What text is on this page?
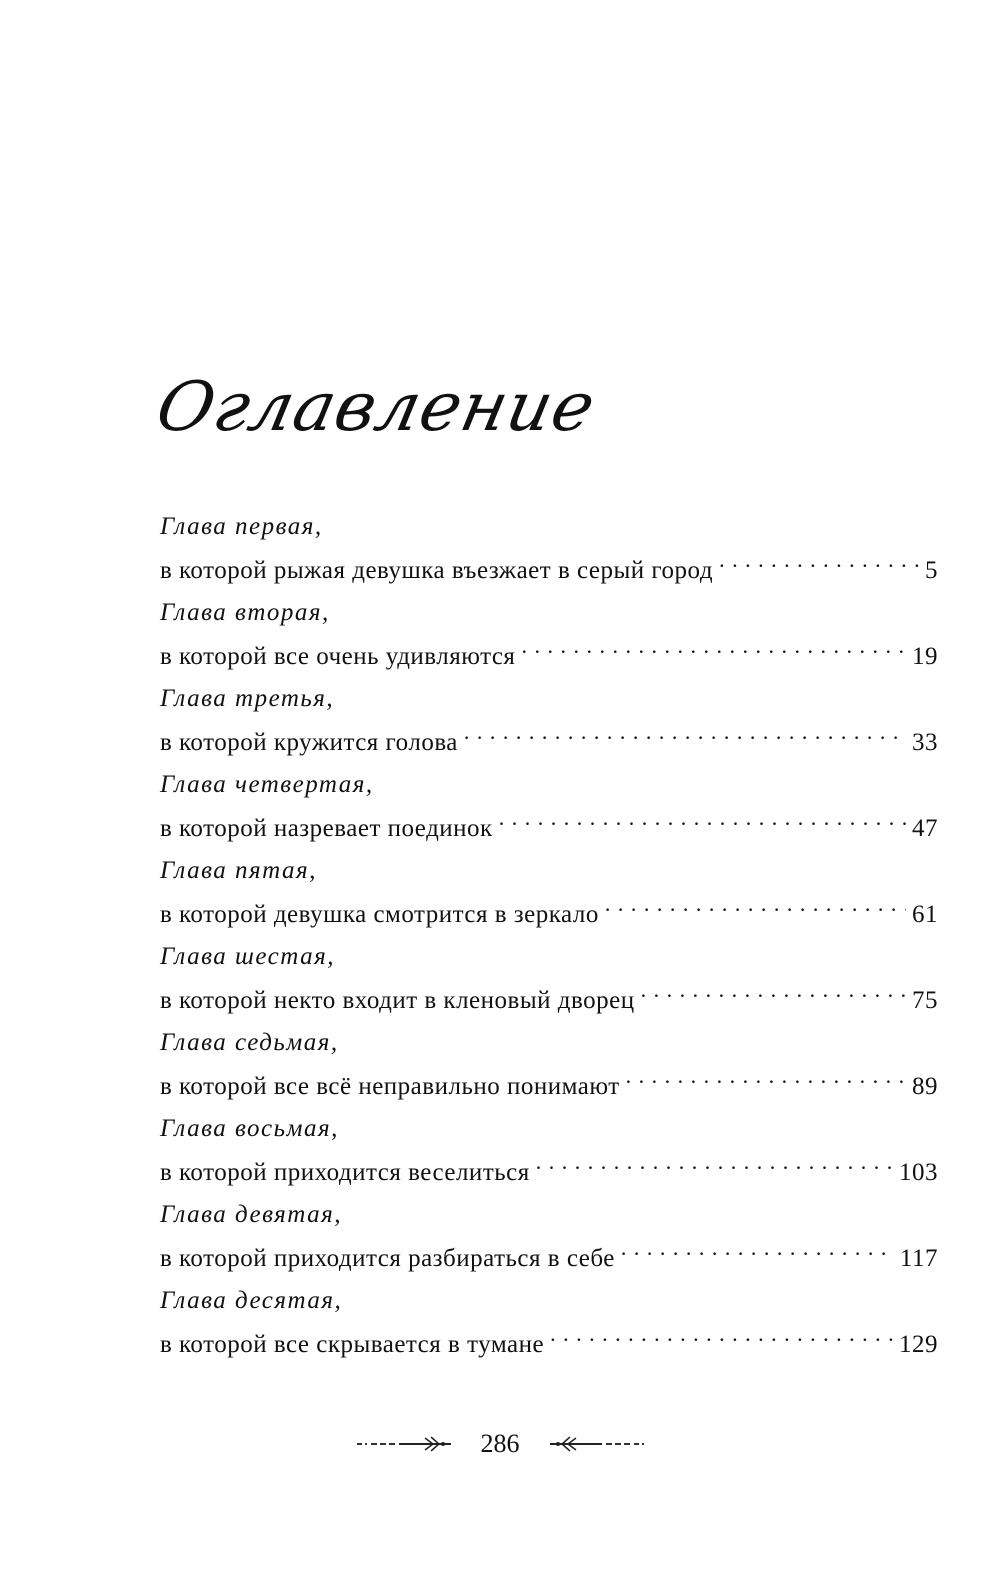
Оглавление
Глава первая,
в которой рыжая девушка въезжает в серый город . . .	5
Глава вторая,
в которой все очень удивляются . . .	19
Глава третья,
в которой кружится голова . . .	33
Глава четвертая,
в которой назревает поединок . . .	47
Глава пятая,
в которой девушка смотрится в зеркало . . .	61
Глава шестая,
в которой некто входит в кленовый дворец . . .	75
Глава седьмая,
в которой все всё неправильно понимают . . .	89
Глава восьмая,
в которой приходится веселиться . . .	103
Глава девятая,
в которой приходится разбираться в себе . . .	117
Глава десятая,
в которой все скрывается в тумане . . .	129
286
